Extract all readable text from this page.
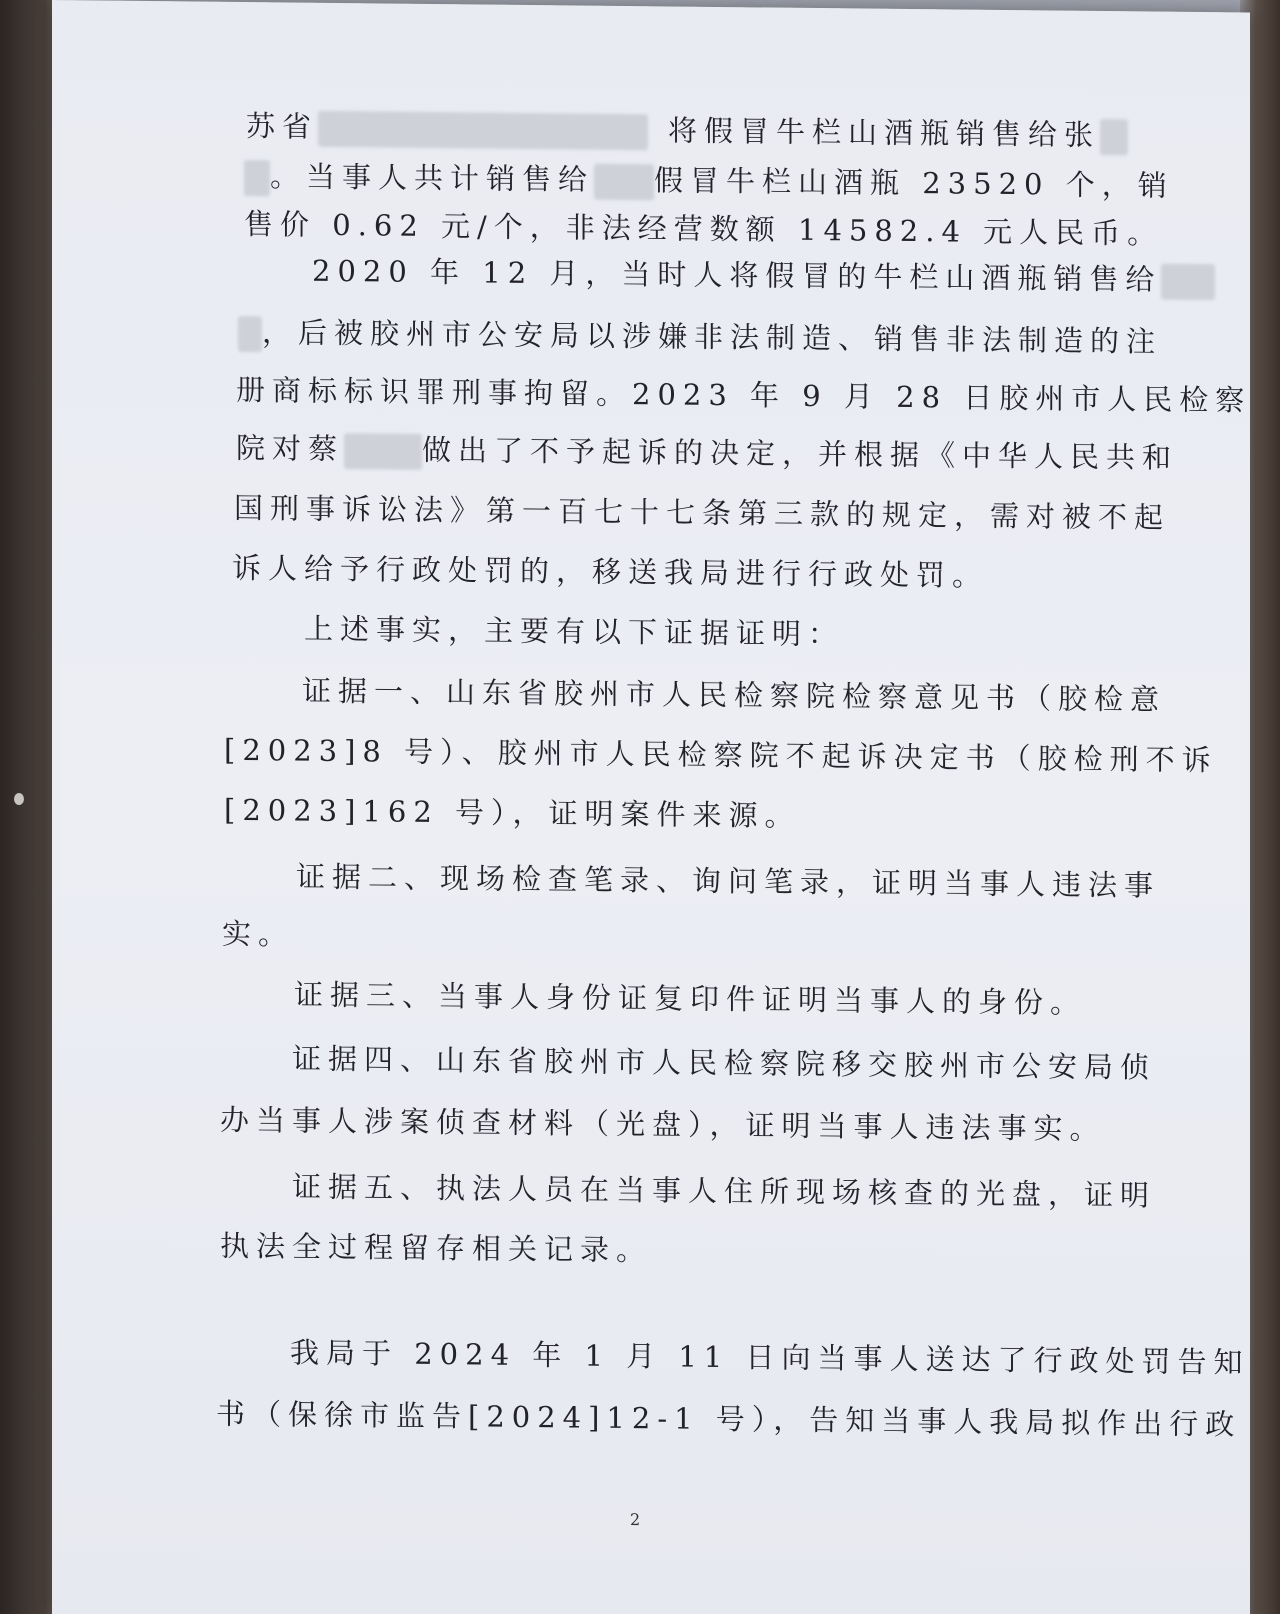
苏省	将假冒牛栏山酒瓶销售给张
。当事人共计销售给 假冒牛栏山酒瓶 23520 个，销
售价 0.62 元/个，非法经营数额 14582.4 元人民币。
　　2020 年 12 月，当时人将假冒的牛栏山酒瓶销售给
，后被胶州市公安局以涉嫌非法制造、销售非法制造的注
册商标标识罪刑事拘留。2023 年 9 月 28 日胶州市人民检察
院对蔡	做出了不予起诉的决定，并根据《中华人民共和
国刑事诉讼法》第一百七十七条第三款的规定，需对被不起
诉人给予行政处罚的，移送我局进行行政处罚。
　　上述事实，主要有以下证据证明：
　　证据一、山东省胶州市人民检察院检察意见书（胶检意
[2023]8 号）、胶州市人民检察院不起诉决定书（胶检刑不诉
[2023]162 号），证明案件来源。
　　证据二、现场检查笔录、询问笔录，证明当事人违法事
实。
　　证据三、当事人身份证复印件证明当事人的身份。
　　证据四、山东省胶州市人民检察院移交胶州市公安局侦
办当事人涉案侦查材料（光盘），证明当事人违法事实。
　　证据五、执法人员在当事人住所现场核查的光盘，证明
执法全过程留存相关记录。
　　我局于 2024 年 1 月 11 日向当事人送达了行政处罚告知
书（保徐市监告[2024]12-1 号），告知当事人我局拟作出行政
2
